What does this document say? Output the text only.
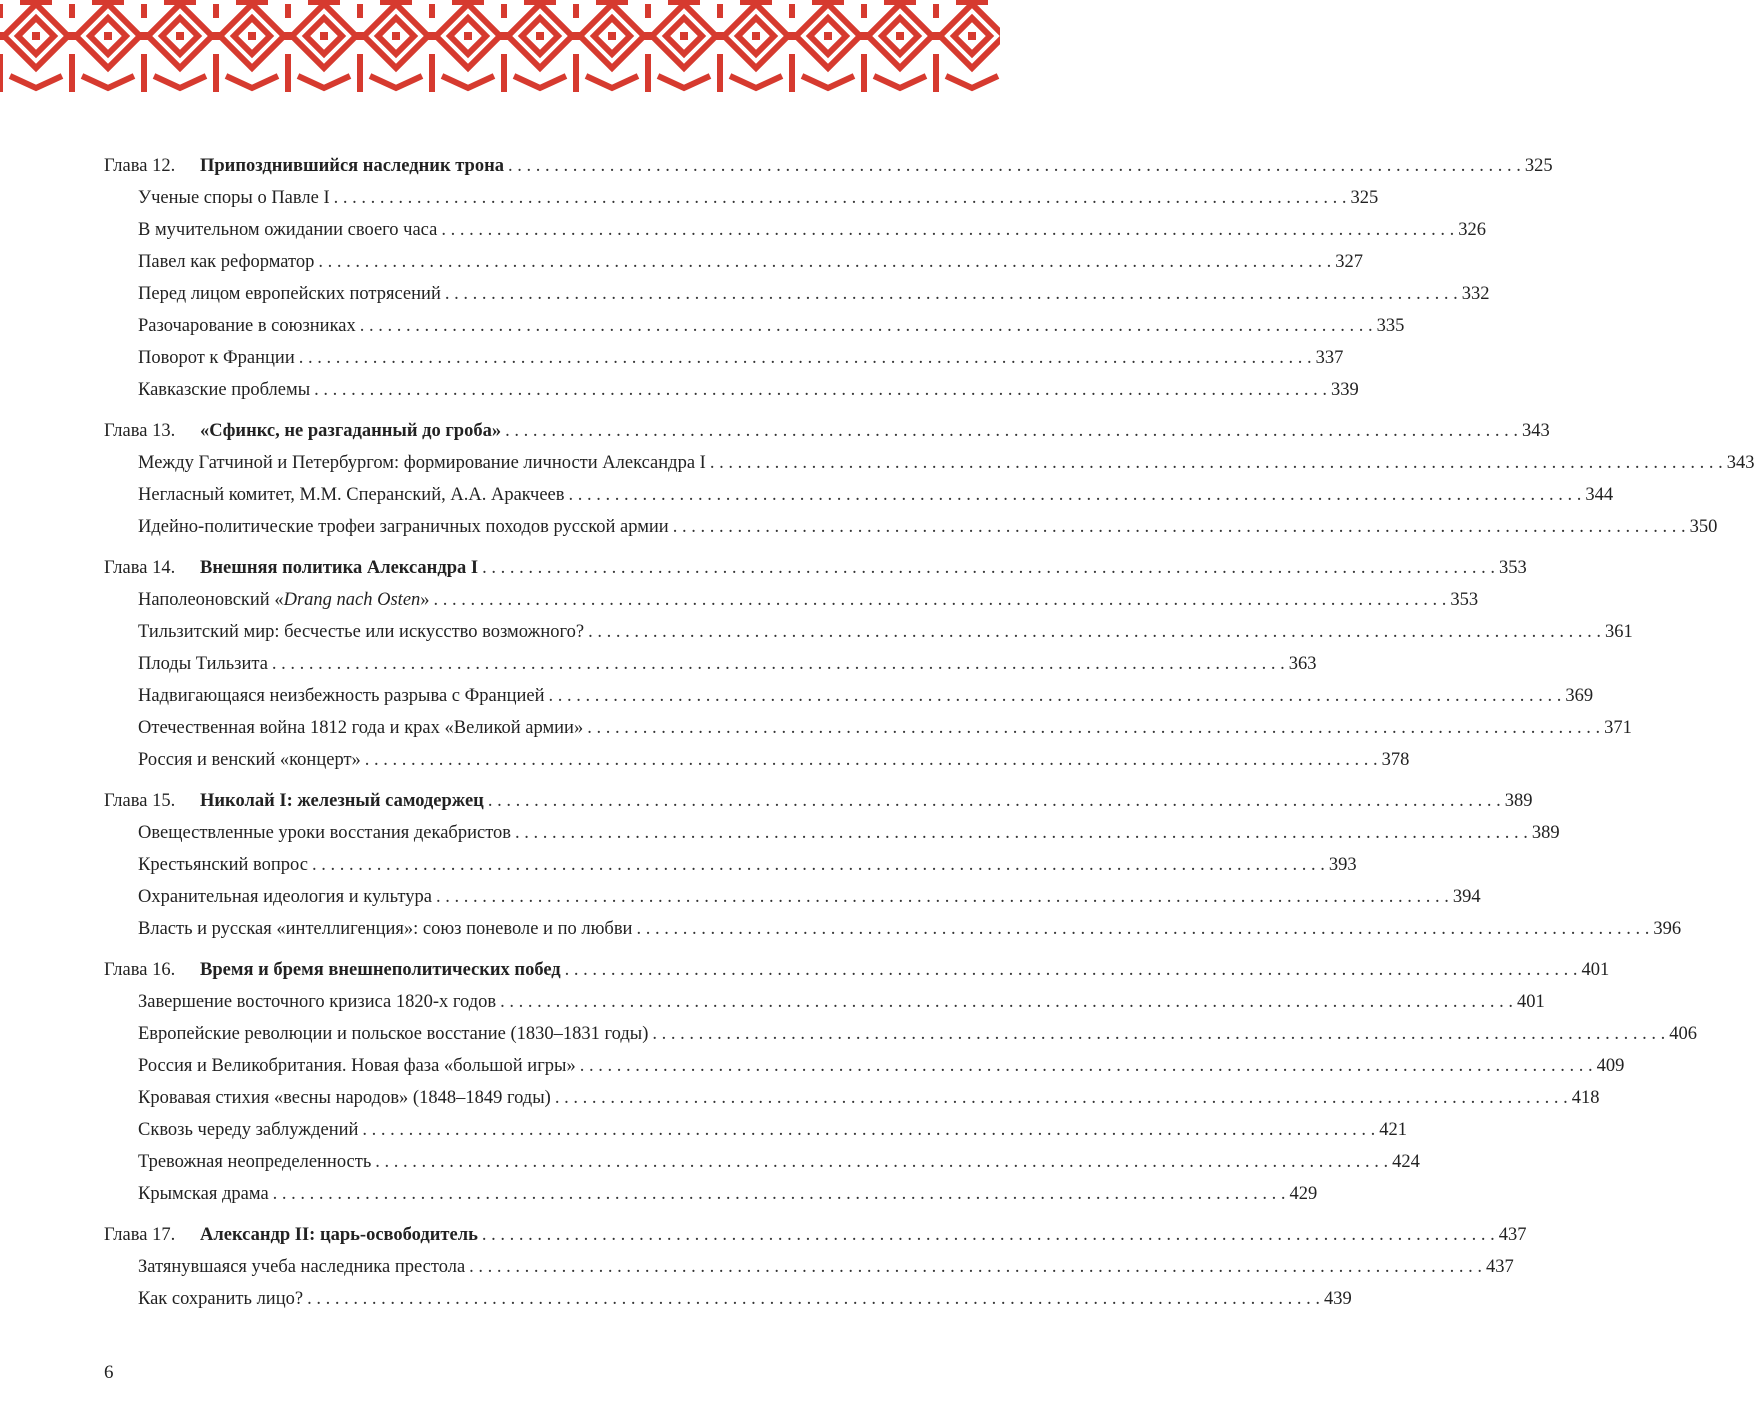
Глава 12.	Припозднившийся наследник трона . . .	325
Ученые споры о Павле I . . .	325
В мучительном ожидании своего часа . . .	326
Павел как реформатор . . .	327
Перед лицом европейских потрясений . . .	332
Разочарование в союзниках . . .	335
Поворот к Франции . . .	337
Кавказские проблемы . . .	339
Глава 13.	«Сфинкс, не разгаданный до гроба» . . .	343
Между Гатчиной и Петербургом: формирование личности Александра I . . .	343
Негласный комитет, М.М. Сперанский, А.А. Аракчеев . . .	344
Идейно-политические трофеи заграничных походов русской армии . . .	350
Глава 14.	Внешняя политика Александра I . . .	353
Наполеоновский «Drang nach Osten» . . .	353
Тильзитский мир: бесчестье или искусство возможного? . . .	361
Плоды Тильзита . . .	363
Надвигающаяся неизбежность разрыва с Францией . . .	369
Отечественная война 1812 года и крах «Великой армии» . . .	371
Россия и венский «концерт» . . .	378
Глава 15.	Николай I: железный самодержец . . .	389
Овеществленные уроки восстания декабристов . . .	389
Крестьянский вопрос . . .	393
Охранительная идеология и культура . . .	394
Власть и русская «интеллигенция»: союз поневоле и по любви . . .	396
Глава 16.	Время и бремя внешнеполитических побед . . .	401
Завершение восточного кризиса 1820-х годов . . .	401
Европейские революции и польское восстание (1830–1831 годы) . . .	406
Россия и Великобритания. Новая фаза «большой игры» . . .	409
Кровавая стихия «весны народов» (1848–1849 годы) . . .	418
Сквозь череду заблуждений . . .	421
Тревожная неопределенность . . .	424
Крымская драма . . .	429
Глава 17.	Александр II: царь-освободитель . . .	437
Затянувшаяся учеба наследника престола . . .	437
Как сохранить лицо? . . .	439
6
